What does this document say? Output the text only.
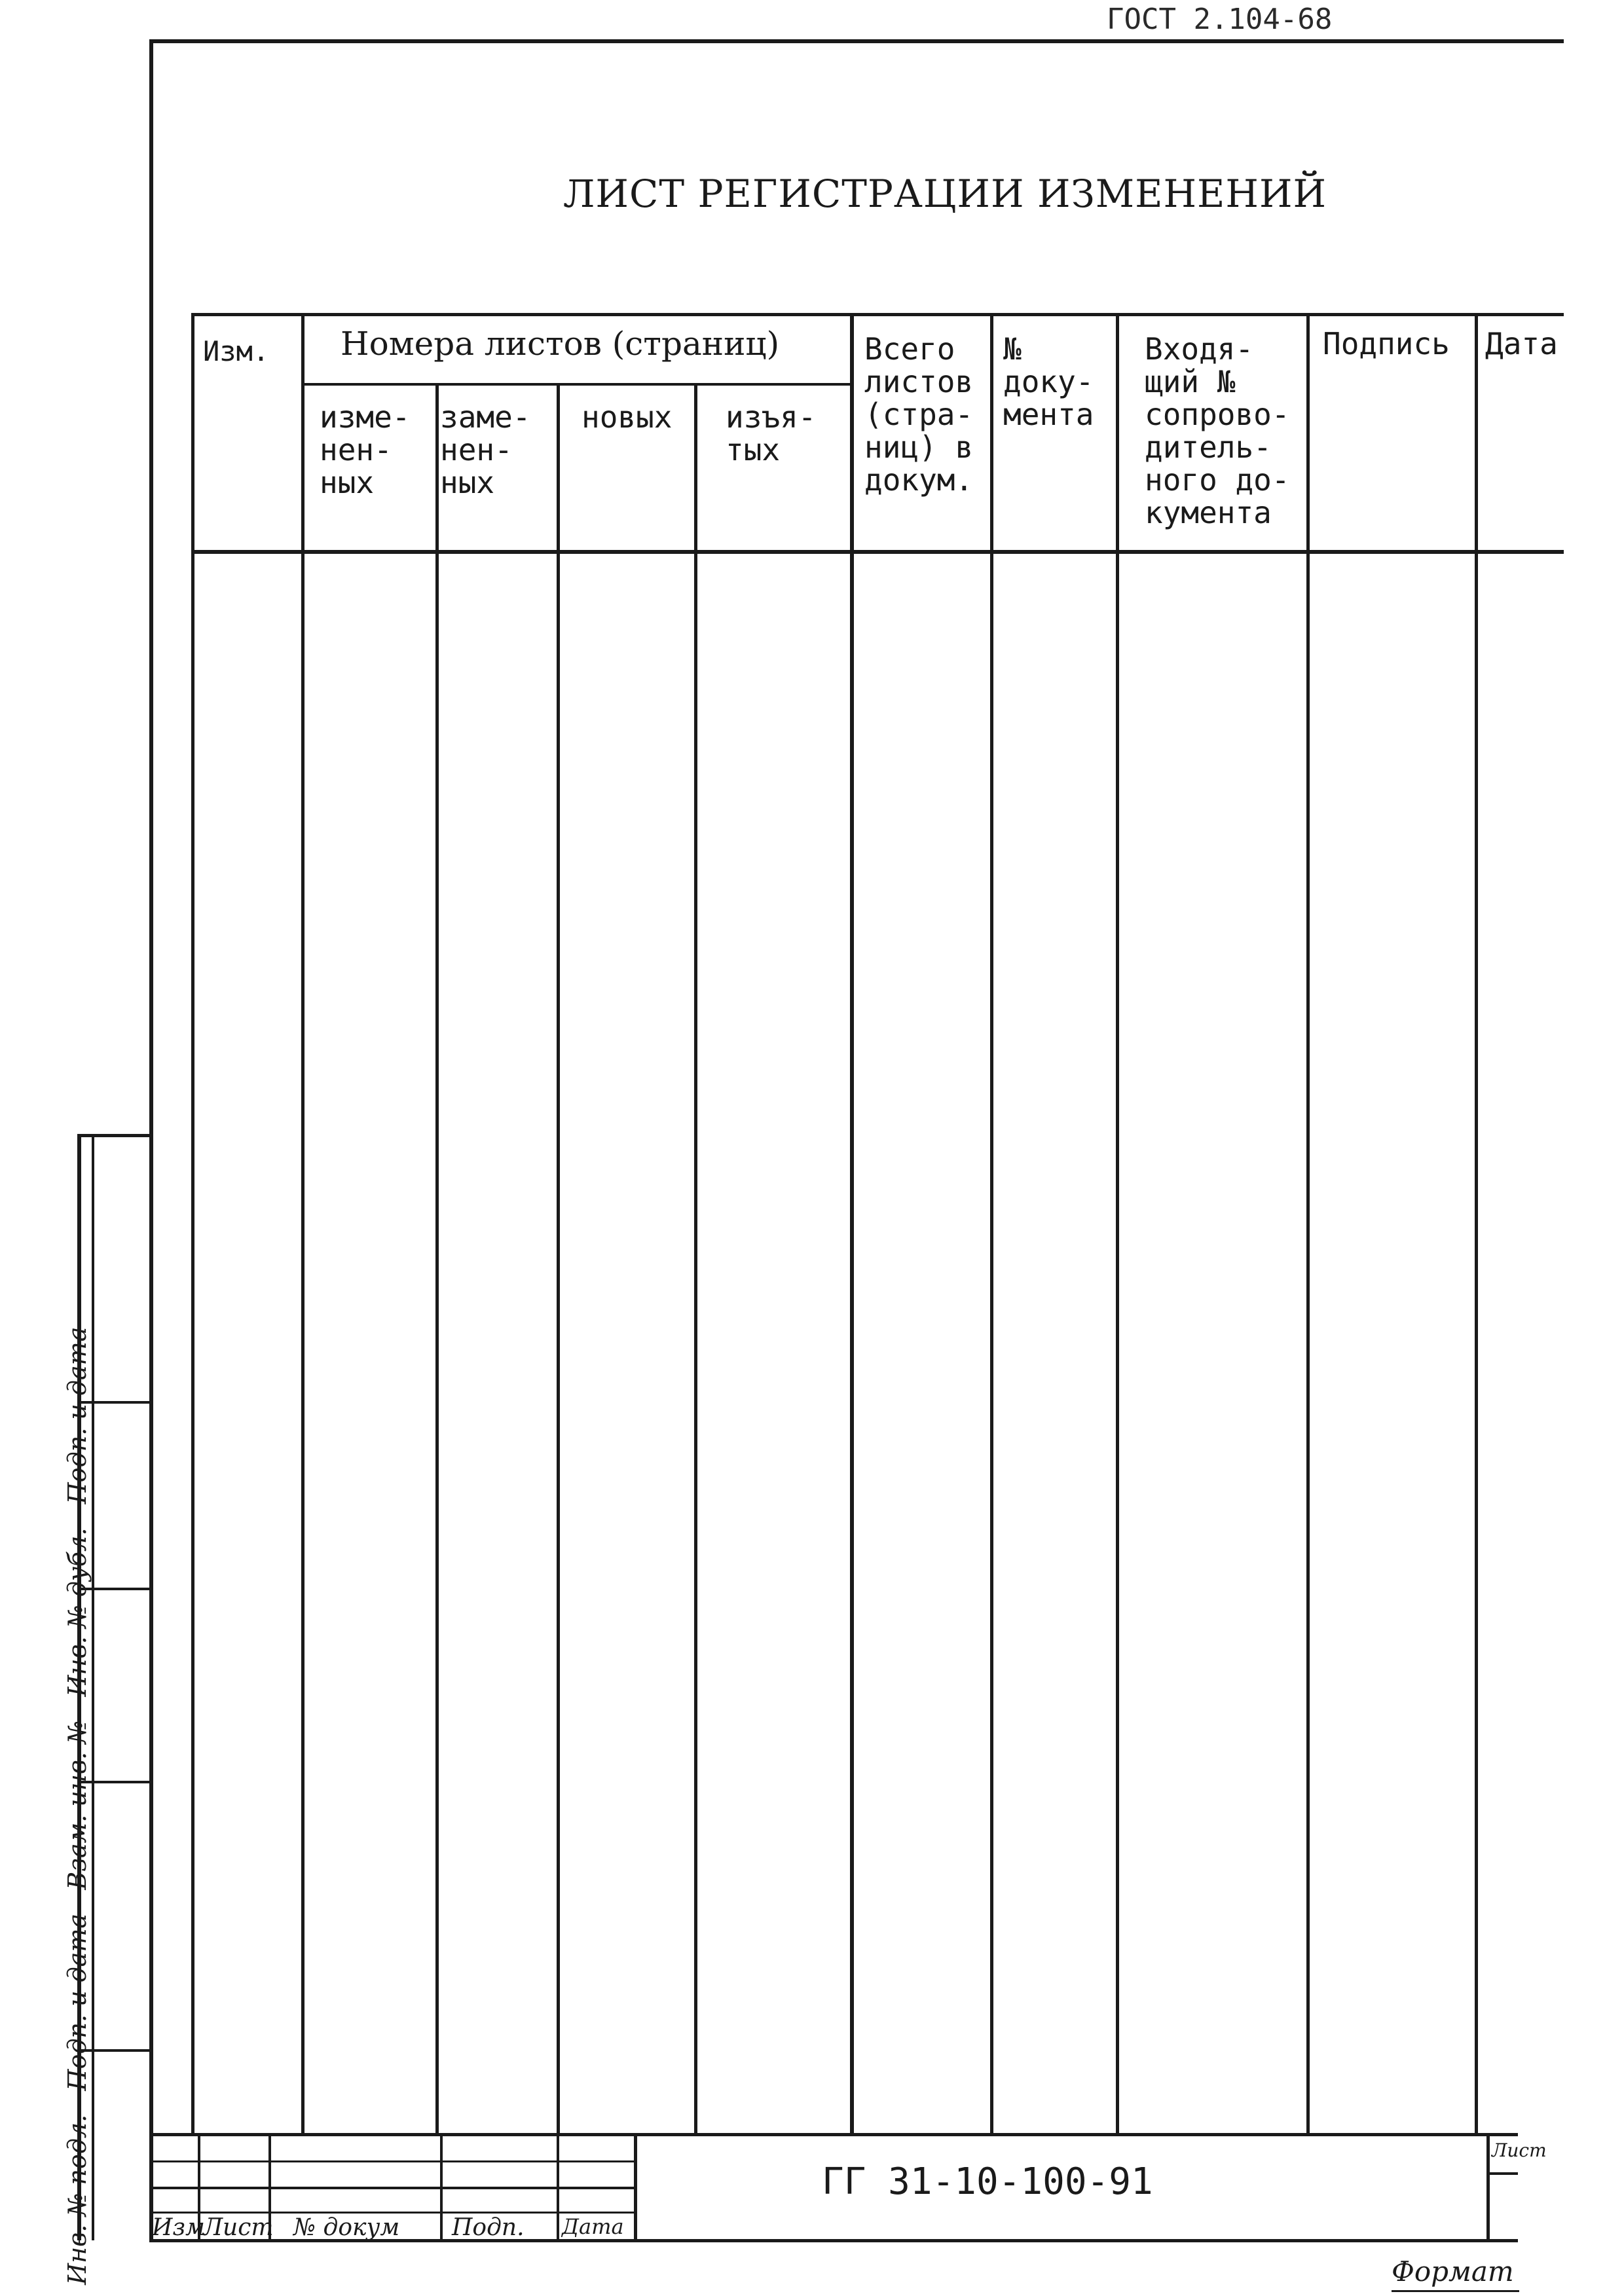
ГОСТ 2.104-68
ЛИСТ РЕГИСТРАЦИИ ИЗМЕНЕНИЙ
Изм. Номера листов (страниц)
изме-
нен-
ных
заме-
нен-
ных
новых изъя-
тых
Всего
листов
(стра-
ниц) в
докум.
№
доку-
мента
Входя-
щий №
сопрово-
дитель-
ного до-
кумента
Подпись Дата
Инв. № подл.   Подп. и дата   Взам. инв. №   Инв. № дубл.   Подп. и дата	Изм
Лист № докум Подп. Дата
ГГ 31-10-100-91
Лист
Формат
